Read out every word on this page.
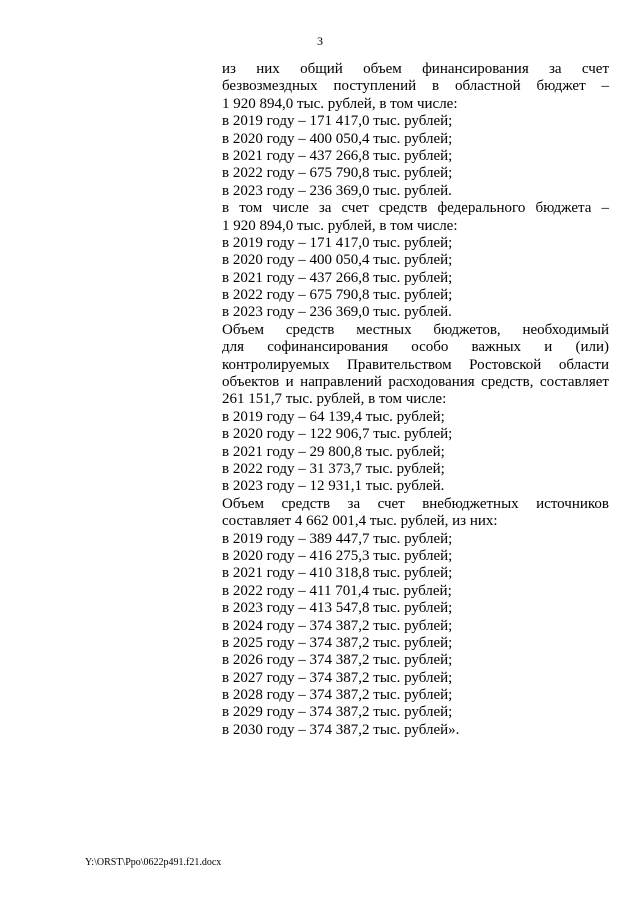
3
из них общий объем финансирования за счет
безвозмездных поступлений в областной бюджет –
1 920 894,0 тыс. рублей, в том числе:
в 2019 году – 171 417,0 тыс. рублей;
в 2020 году – 400 050,4 тыс. рублей;
в 2021 году – 437 266,8 тыс. рублей;
в 2022 году – 675 790,8 тыс. рублей;
в 2023 году – 236 369,0 тыс. рублей.
в том числе за счет средств федерального бюджета –
1 920 894,0 тыс. рублей, в том числе:
в 2019 году – 171 417,0 тыс. рублей;
в 2020 году – 400 050,4 тыс. рублей;
в 2021 году – 437 266,8 тыс. рублей;
в 2022 году – 675 790,8 тыс. рублей;
в 2023 году – 236 369,0 тыс. рублей.
Объем средств местных бюджетов, необходимый
для софинансирования особо важных и (или)
контролируемых Правительством Ростовской области
объектов и направлений расходования средств, составляет
261 151,7 тыс. рублей, в том числе:
в 2019 году – 64 139,4 тыс. рублей;
в 2020 году – 122 906,7 тыс. рублей;
в 2021 году – 29 800,8 тыс. рублей;
в 2022 году – 31 373,7 тыс. рублей;
в 2023 году – 12 931,1 тыс. рублей.
Объем средств за счет внебюджетных источников
составляет 4 662 001,4 тыс. рублей, из них:
в 2019 году – 389 447,7 тыс. рублей;
в 2020 году – 416 275,3 тыс. рублей;
в 2021 году – 410 318,8 тыс. рублей;
в 2022 году – 411 701,4 тыс. рублей;
в 2023 году – 413 547,8 тыс. рублей;
в 2024 году – 374 387,2 тыс. рублей;
в 2025 году – 374 387,2 тыс. рублей;
в 2026 году – 374 387,2 тыс. рублей;
в 2027 году – 374 387,2 тыс. рублей;
в 2028 году – 374 387,2 тыс. рублей;
в 2029 году – 374 387,2 тыс. рублей;
в 2030 году – 374 387,2 тыс. рублей».
Y:\ORST\Ppo\0622p491.f21.docx
